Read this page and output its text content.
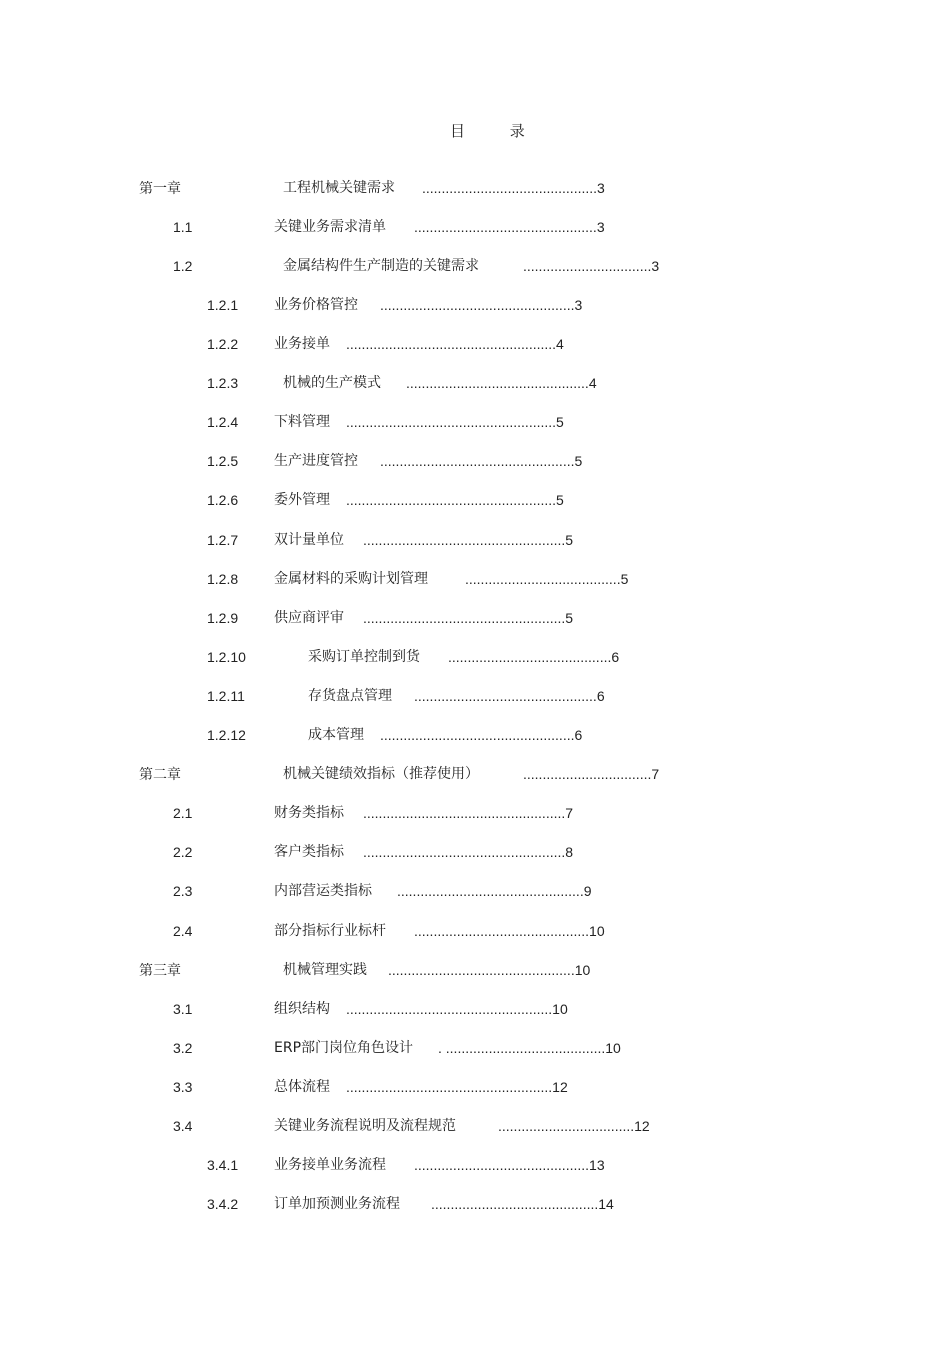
目 录
第一章	工程机械关键需求 .............................................3
1.1	关键业务需求清单 ...............................................3
1.2	金属结构件生产制造的关键需求	.................................3
1.2.1	业务价格管控 ..................................................3
1.2.2	业务接单 ......................................................4
1.2.3	机械的生产模式 ...............................................4
1.2.4	下料管理 ......................................................5
1.2.5	生产进度管控 ..................................................5
1.2.6	委外管理 ......................................................5
1.2.7	双计量单位 ....................................................5
1.2.8	金属材料的采购计划管理	........................................5
1.2.9	供应商评审 ....................................................5
1.2.10	采购订单控制到货 ..........................................6
1.2.11	存货盘点管理 ...............................................6
1.2.12	成本管理 ..................................................6
第二章	机械关键绩效指标（推荐使用）	.................................7
2.1	财务类指标 ....................................................7
2.2	客户类指标 ....................................................8
2.3	内部营运类指标 ................................................9
2.4	部分指标行业标杆 .............................................10
第三章	机械管理实践 ................................................10
3.1	组织结构 .....................................................10
3.2	ERP部门岗位角色设计 . .........................................10
3.3	总体流程 .....................................................12
3.4	关键业务流程说明及流程规范	...................................12
3.4.1	业务接单业务流程 .............................................13
3.4.2	订单加预测业务流程 ...........................................14
